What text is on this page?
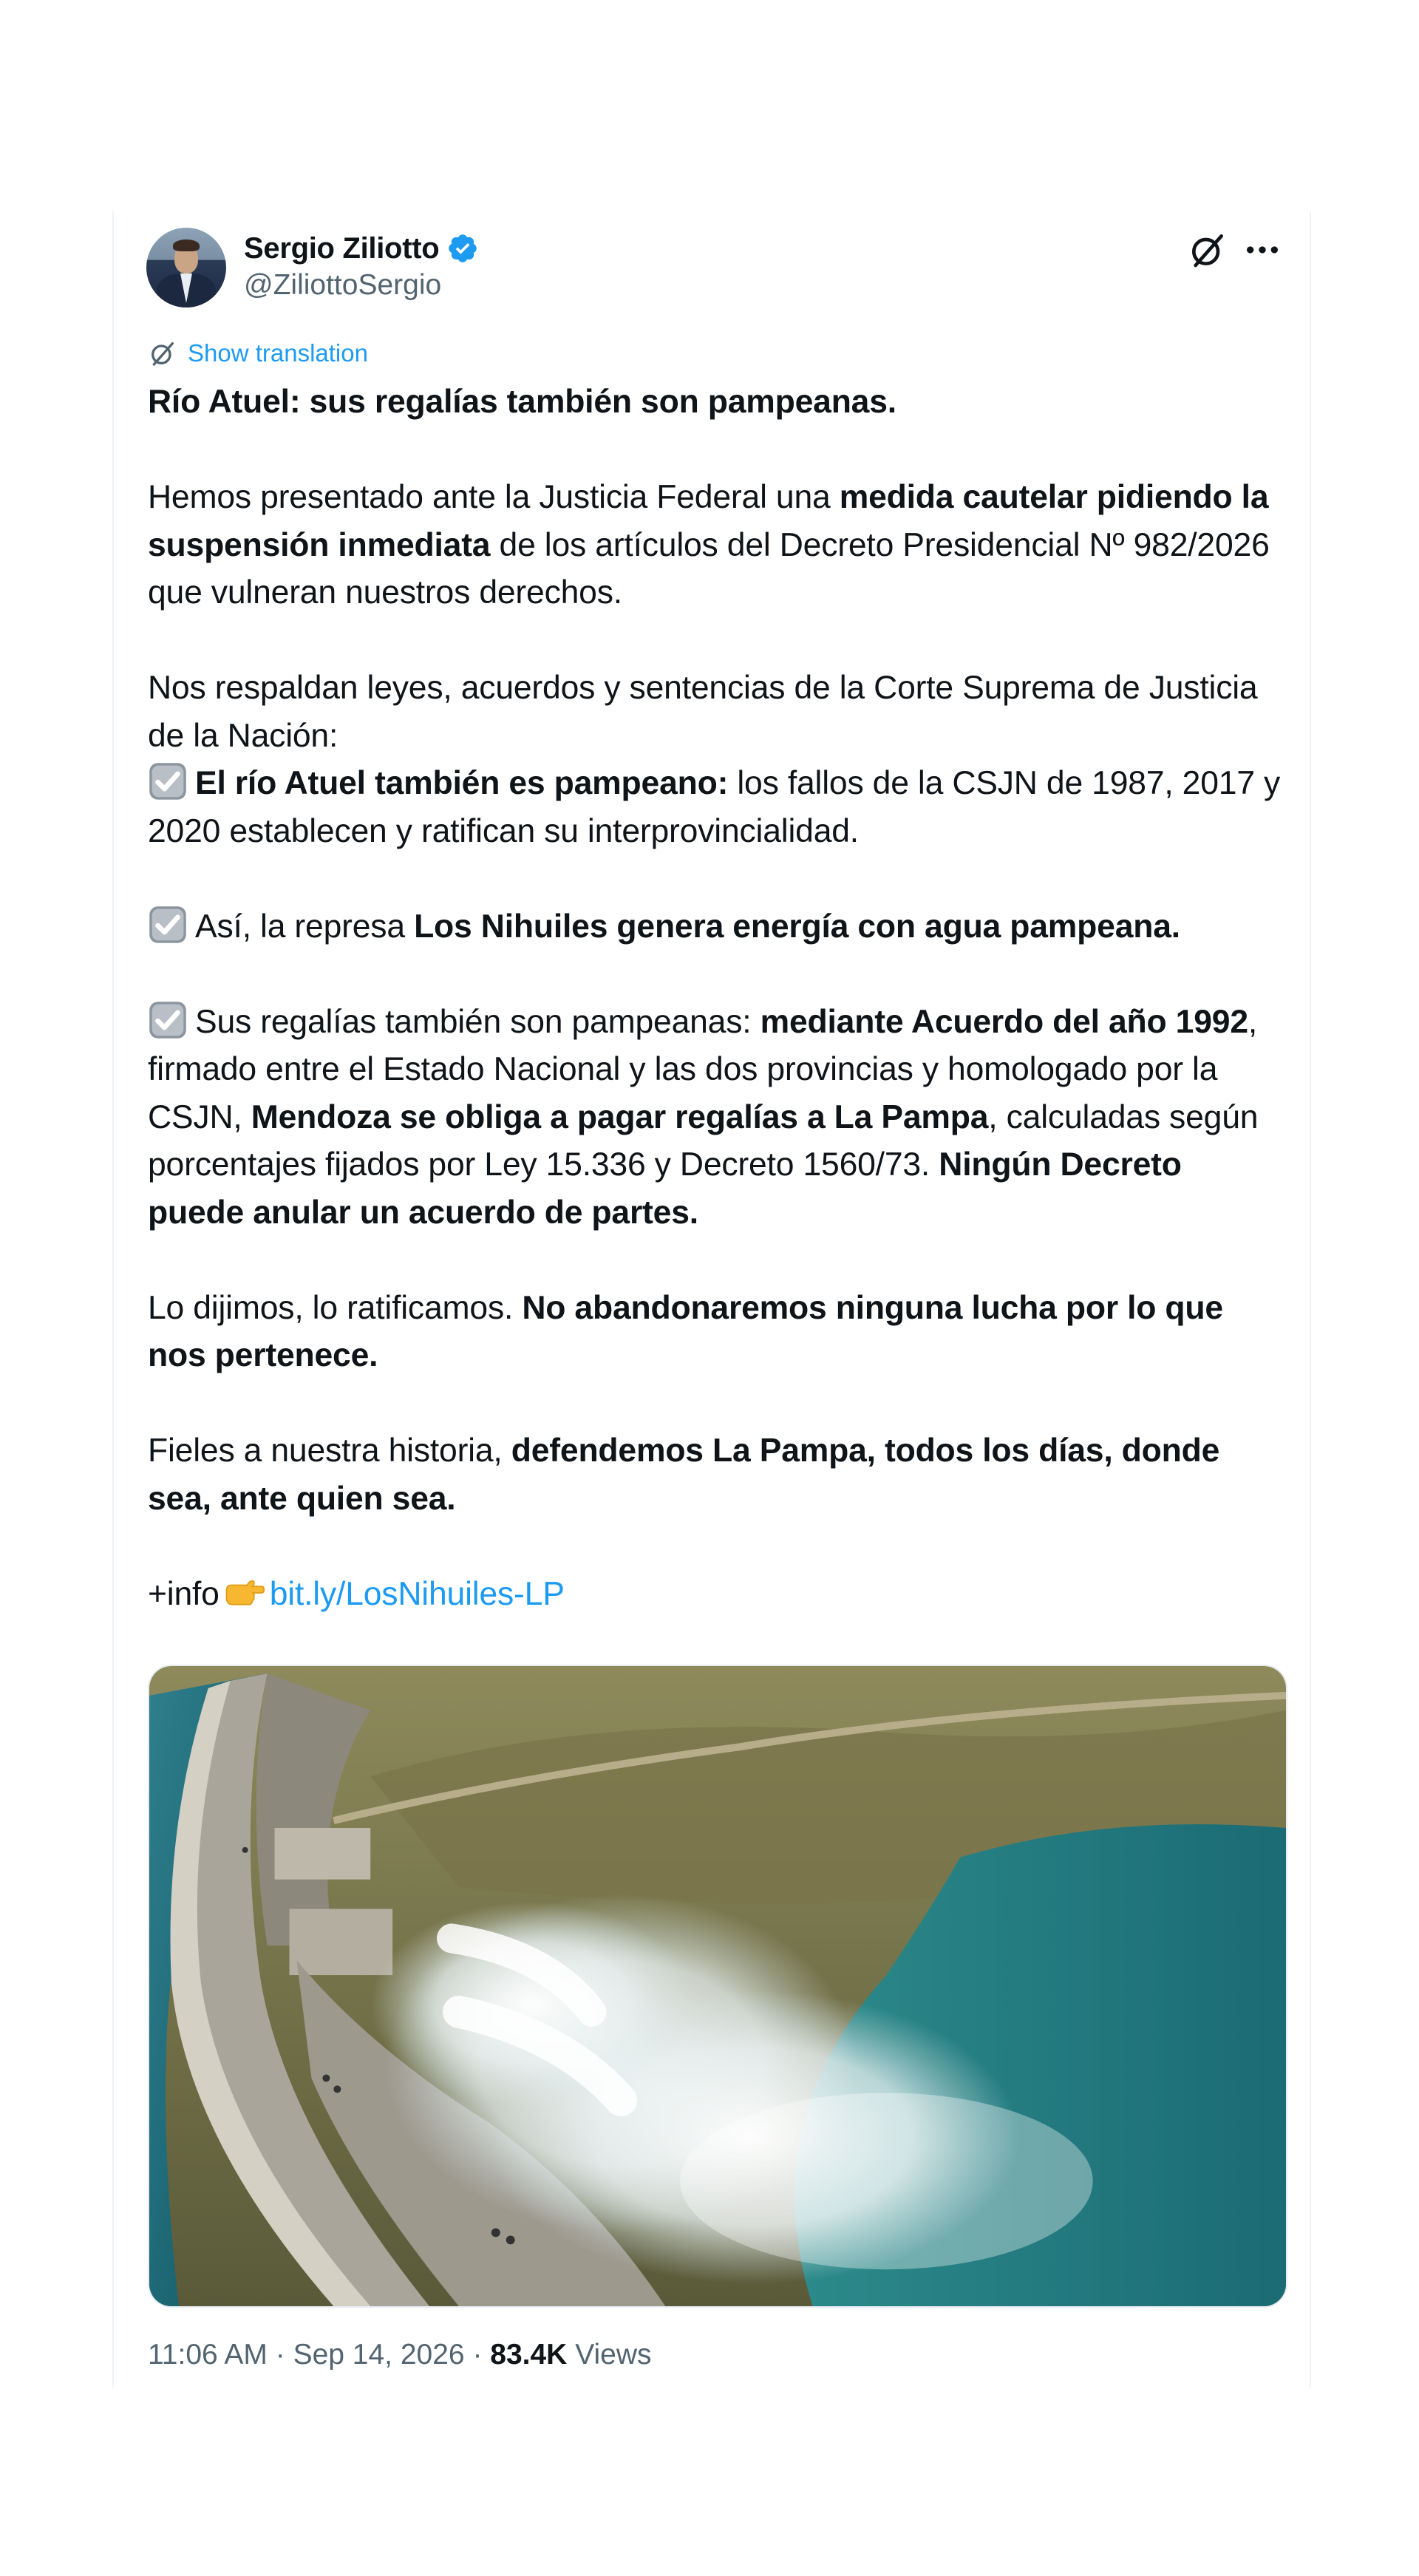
Sergio Ziliotto
@ZiliottoSergio
Show translation

Río Atuel: sus regalías también son pampeanas.

Hemos presentado ante la Justicia Federal una medida cautelar pidiendo la suspensión inmediata de los artículos del Decreto Presidencial Nº 982/2026 que vulneran nuestros derechos.

Nos respaldan leyes, acuerdos y sentencias de la Corte Suprema de Justicia de la Nación:

El río Atuel también es pampeano: los fallos de la CSJN de 1987, 2017 y 2020 establecen y ratifican su interprovincialidad.

Así, la represa Los Nihuiles genera energía con agua pampeana.

Sus regalías también son pampeanas: mediante Acuerdo del año 1992, firmado entre el Estado Nacional y las dos provincias y homologado por la CSJN, Mendoza se obliga a pagar regalías a La Pampa, calculadas según porcentajes fijados por Ley 15.336 y Decreto 1560/73. Ningún Decreto puede anular un acuerdo de partes.

Lo dijimos, lo ratificamos. No abandonaremos ninguna lucha por lo que nos pertenece.

Fieles a nuestra historia, defendemos La Pampa, todos los días, donde sea, ante quien sea.

+info bit.ly/LosNihuiles-LP

11:06 AM · Sep 14, 2026 · 83.4K Views
